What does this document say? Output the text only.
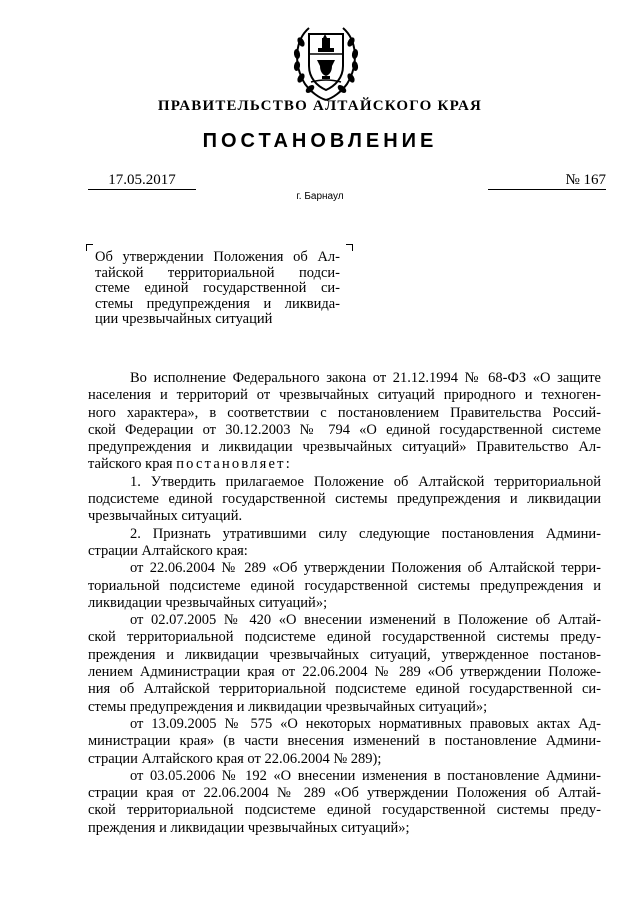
ПРАВИТЕЛЬСТВО АЛТАЙСКОГО КРАЯ
ПОСТАНОВЛЕНИЕ
17.05.2017
г. Барнаул
№ 167
Об утверждении Положения об Ал-
тайской территориальной подси-
стеме единой государственной си-
стемы предупреждения и ликвида-
ции чрезвычайных ситуаций
Во исполнение Федерального закона от 21.12.1994 № 68-ФЗ «О защите
населения и территорий от чрезвычайных ситуаций природного и техноген-
ного характера», в соответствии с постановлением Правительства Россий-
ской Федерации от 30.12.2003 № 794 «О единой государственной системе
предупреждения и ликвидации чрезвычайных ситуаций» Правительство Ал-
тайского края постановляет:
1. Утвердить прилагаемое Положение об Алтайской территориальной
подсистеме единой государственной системы предупреждения и ликвидации
чрезвычайных ситуаций.
2. Признать утратившими силу следующие постановления Админи-
страции Алтайского края:
от 22.06.2004 № 289 «Об утверждении Положения об Алтайской терри-
ториальной подсистеме единой государственной системы предупреждения и
ликвидации чрезвычайных ситуаций»;
от 02.07.2005 № 420 «О внесении изменений в Положение об Алтай-
ской территориальной подсистеме единой государственной системы преду-
преждения и ликвидации чрезвычайных ситуаций, утвержденное постанов-
лением Администрации края от 22.06.2004 № 289 «Об утверждении Положе-
ния об Алтайской территориальной подсистеме единой государственной си-
стемы предупреждения и ликвидации чрезвычайных ситуаций»;
от 13.09.2005 № 575 «О некоторых нормативных правовых актах Ад-
министрации края» (в части внесения изменений в постановление Админи-
страции Алтайского края от 22.06.2004 № 289);
от 03.05.2006 № 192 «О внесении изменения в постановление Админи-
страции края от 22.06.2004 № 289 «Об утверждении Положения об Алтай-
ской территориальной подсистеме единой государственной системы преду-
преждения и ликвидации чрезвычайных ситуаций»;
